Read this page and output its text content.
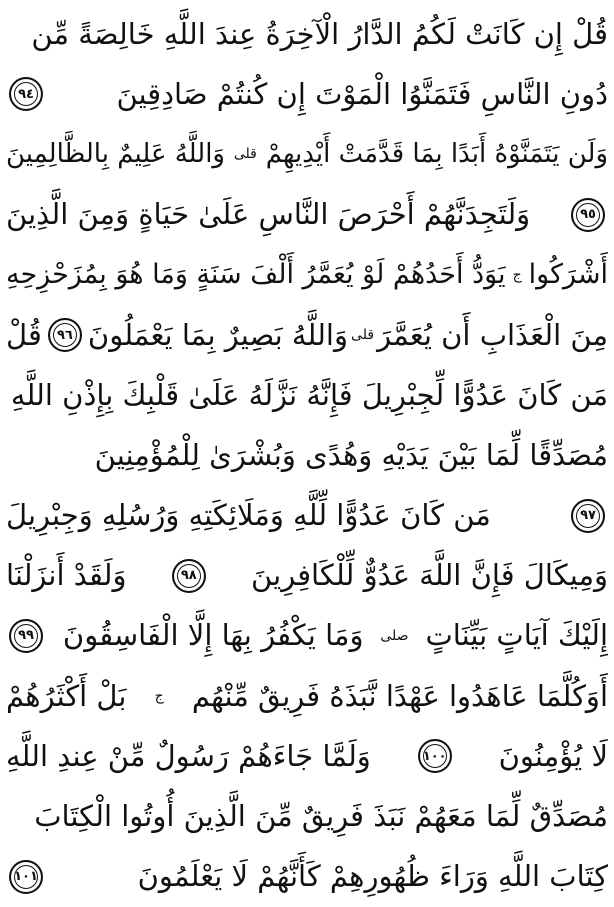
قُلْ إِن كَانَتْ لَكُمُ الدَّارُ الْآخِرَةُ عِندَ اللَّهِ خَالِصَةً مِّن
دُونِ النَّاسِ فَتَمَنَّوُا الْمَوْتَ إِن كُنتُمْ صَادِقِينَ
٩٤
وَلَن يَتَمَنَّوْهُ أَبَدًا بِمَا قَدَّمَتْ أَيْدِيهِمْ
قلى
وَاللَّهُ عَلِيمٌ بِالظَّالِمِينَ
٩٥
وَلَتَجِدَنَّهُمْ أَحْرَصَ النَّاسِ عَلَىٰ حَيَاةٍ وَمِنَ الَّذِينَ
أَشْرَكُوا
ج
يَوَدُّ أَحَدُهُمْ لَوْ يُعَمَّرُ أَلْفَ سَنَةٍ وَمَا هُوَ بِمُزَحْزِحِهِ
مِنَ الْعَذَابِ أَن يُعَمَّرَ
قلى
وَاللَّهُ بَصِيرٌ بِمَا يَعْمَلُونَ
٩٦
قُلْ
مَن كَانَ عَدُوًّا لِّجِبْرِيلَ فَإِنَّهُ نَزَّلَهُ عَلَىٰ قَلْبِكَ بِإِذْنِ اللَّهِ
مُصَدِّقًا لِّمَا بَيْنَ يَدَيْهِ وَهُدًى وَبُشْرَىٰ لِلْمُؤْمِنِينَ
٩٧
مَن كَانَ عَدُوًّا لِّلَّهِ وَمَلَائِكَتِهِ وَرُسُلِهِ وَجِبْرِيلَ
وَمِيكَالَ فَإِنَّ اللَّهَ عَدُوٌّ لِّلْكَافِرِينَ
٩٨
وَلَقَدْ أَنزَلْنَا
إِلَيْكَ آيَاتٍ بَيِّنَاتٍ
صلى
وَمَا يَكْفُرُ بِهَا إِلَّا الْفَاسِقُونَ
٩٩
أَوَكُلَّمَا عَاهَدُوا عَهْدًا نَّبَذَهُ فَرِيقٌ مِّنْهُم
ج
بَلْ أَكْثَرُهُمْ
لَا يُؤْمِنُونَ
١٠٠
وَلَمَّا جَاءَهُمْ رَسُولٌ مِّنْ عِندِ اللَّهِ
مُصَدِّقٌ لِّمَا مَعَهُمْ نَبَذَ فَرِيقٌ مِّنَ الَّذِينَ أُوتُوا الْكِتَابَ
كِتَابَ اللَّهِ وَرَاءَ ظُهُورِهِمْ كَأَنَّهُمْ لَا يَعْلَمُونَ
١٠١
